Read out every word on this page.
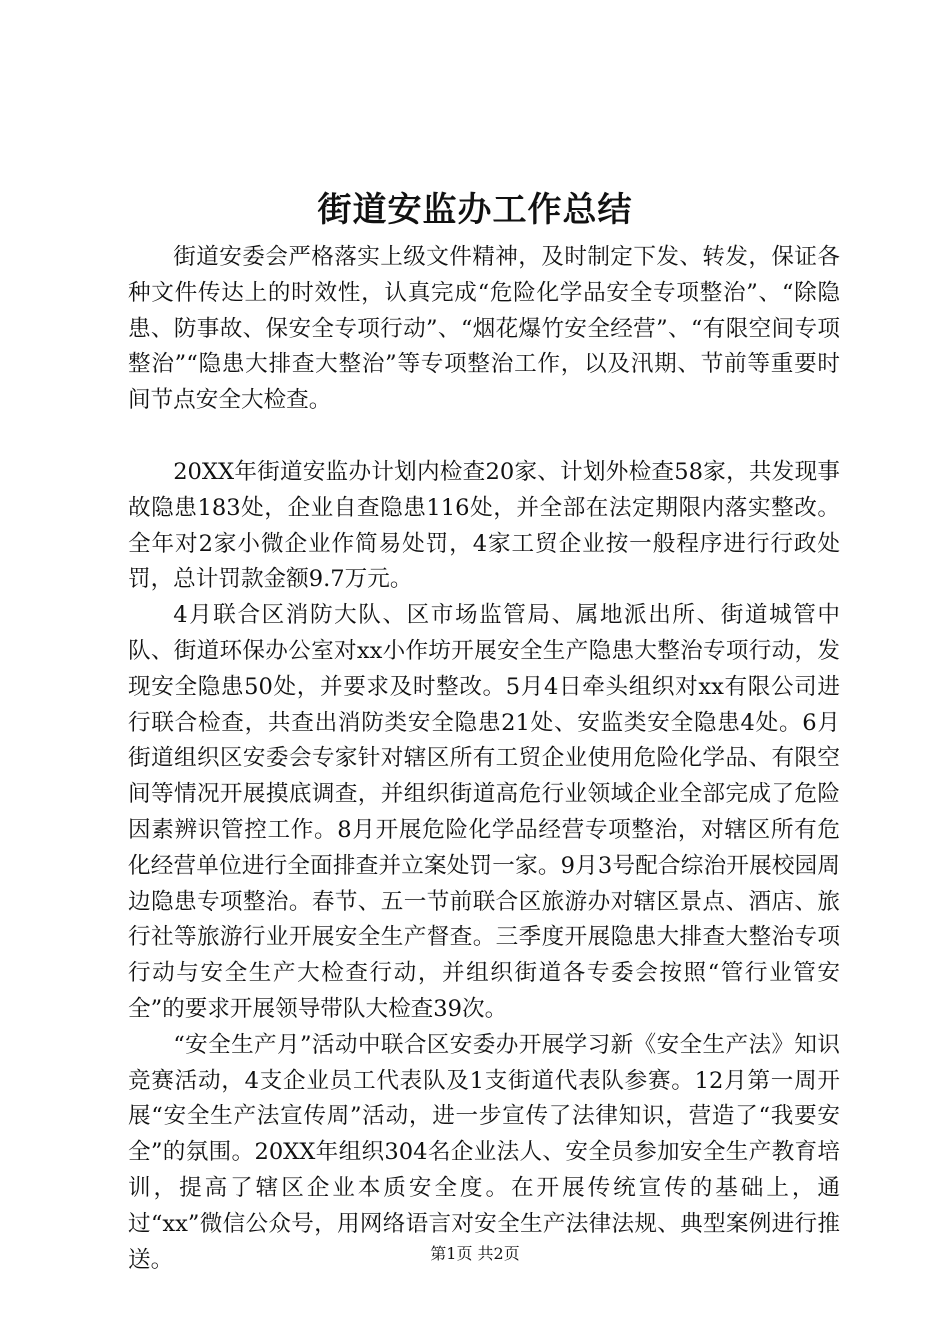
街道安监办工作总结

街道安委会严格落实上级文件精神，及时制定下发、转发，保证各种文件传达上的时效性，认真完成“危险化学品安全专项整治”、“除隐患、防事故、保安全专项行动”、“烟花爆竹安全经营”、“有限空间专项整治”“隐患大排查大整治”等专项整治工作，以及汛期、节前等重要时间节点安全大检查。

20XX年街道安监办计划内检查20家、计划外检查58家，共发现事故隐患183处，企业自查隐患116处，并全部在法定期限内落实整改。全年对2家小微企业作简易处罚，4家工贸企业按一般程序进行行政处罚，总计罚款金额9.7万元。

4月联合区消防大队、区市场监管局、属地派出所、街道城管中队、街道环保办公室对xx小作坊开展安全生产隐患大整治专项行动，发现安全隐患50处，并要求及时整改。5月4日牵头组织对xx有限公司进行联合检查，共查出消防类安全隐患21处、安监类安全隐患4处。6月街道组织区安委会专家针对辖区所有工贸企业使用危险化学品、有限空间等情况开展摸底调查，并组织街道高危行业领域企业全部完成了危险因素辨识管控工作。8月开展危险化学品经营专项整治，对辖区所有危化经营单位进行全面排查并立案处罚一家。9月3号配合综治开展校园周边隐患专项整治。春节、五一节前联合区旅游办对辖区景点、酒店、旅行社等旅游行业开展安全生产督查。三季度开展隐患大排查大整治专项行动与安全生产大检查行动，并组织街道各专委会按照“管行业管安全”的要求开展领导带队大检查39次。

“安全生产月”活动中联合区安委办开展学习新《安全生产法》知识竞赛活动，4支企业员工代表队及1支街道代表队参赛。12月第一周开展“安全生产法宣传周”活动，进一步宣传了法律知识，营造了“我要安全”的氛围。20XX年组织304名企业法人、安全员参加安全生产教育培训，提高了辖区企业本质安全度。在开展传统宣传的基础上，通过“xx”微信公众号，用网络语言对安全生产法律法规、典型案例进行推送。	第1页 共2页
